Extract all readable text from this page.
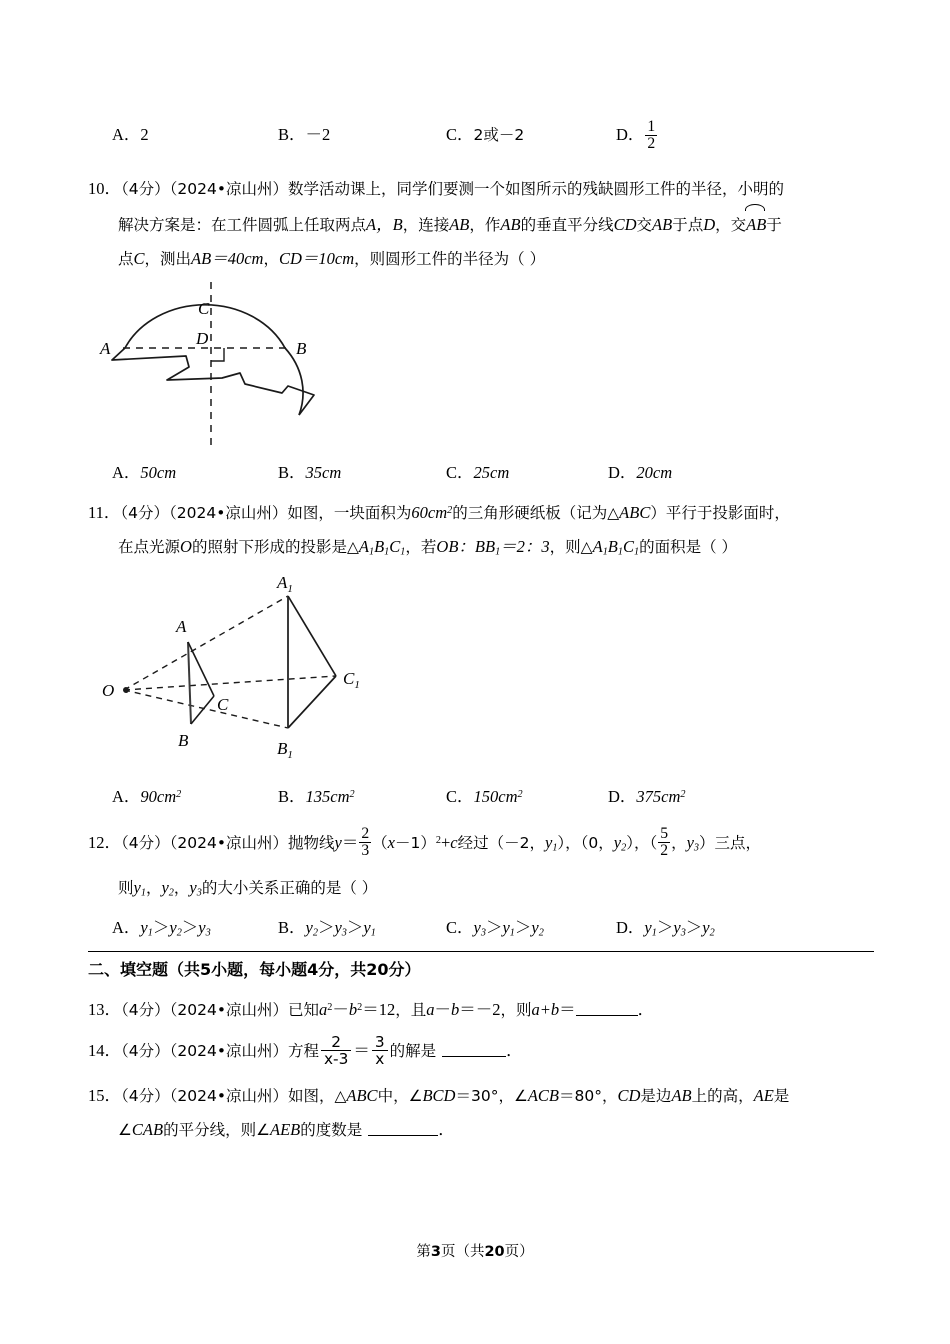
A．2	B．－2	C．2或－2	D． $\frac{1}{2}$
10．（4分）（2024•凉山州）数学活动课上，同学们要测一个如图所示的残缺圆形工件的半径，小明的
解决方案是：在工件圆弧上任取两点A，B，连接AB，作AB的垂直平分线CD交AB于点D，交
AB于
点C，测出AB＝40cm，CD＝10cm，则圆形工件的半径为（ ）
C
A	B
D
A．50cm	B．35cm	C．25cm	D．20cm
11．（4分）（2024•凉山州）如图，一块面积为$60cm^2$的三角形硬纸板（记为△ABC）平行于投影面时，
在点光源O的照射下形成的投影是$\triangle A_1B_1C_1$，若OB：$BB_1=2$：3，则$\triangle A_1B_1C_1$的面积是（ ）
O
A
B
C
$A_1$
$B_1$
$C_1$
A．$90cm^2$	B．$135cm^2$	C．$150cm^2$	D．$375cm^2$
12．（4分）（2024•凉山州）抛物线$y= \frac{2}{3} (x-1)^2+c$经过（－2，$y_1$），（0，$y_2$），（ $\frac{5}{2}$ ，$y_3$）三点，
则$y_1$，$y_2$，$y_3$的大小关系正确的是（ ）
A．$y_1>y_2>y_3$	B．$y_2>y_3>y_1$	C．$y_3>y_1>y_2$	D．$y_1>y_3>y_2$
二、填空题（共5小题，每小题4分，共20分）
13．（4分）（2024•凉山州）已知$a^2-b^2=12$，且a－b＝－2，则a+b＝	．
14．（4分）（2024•凉山州）方程 $\frac{2}{x-3} = \frac{3}{x}$ 的解是	．
15．（4分）（2024•凉山州）如图，△ABC中，∠BCD＝30°，∠ACB＝80°，CD是边AB上的高，AE是
∠CAB的平分线，则∠AEB的度数是	．
第3页（共20页）
